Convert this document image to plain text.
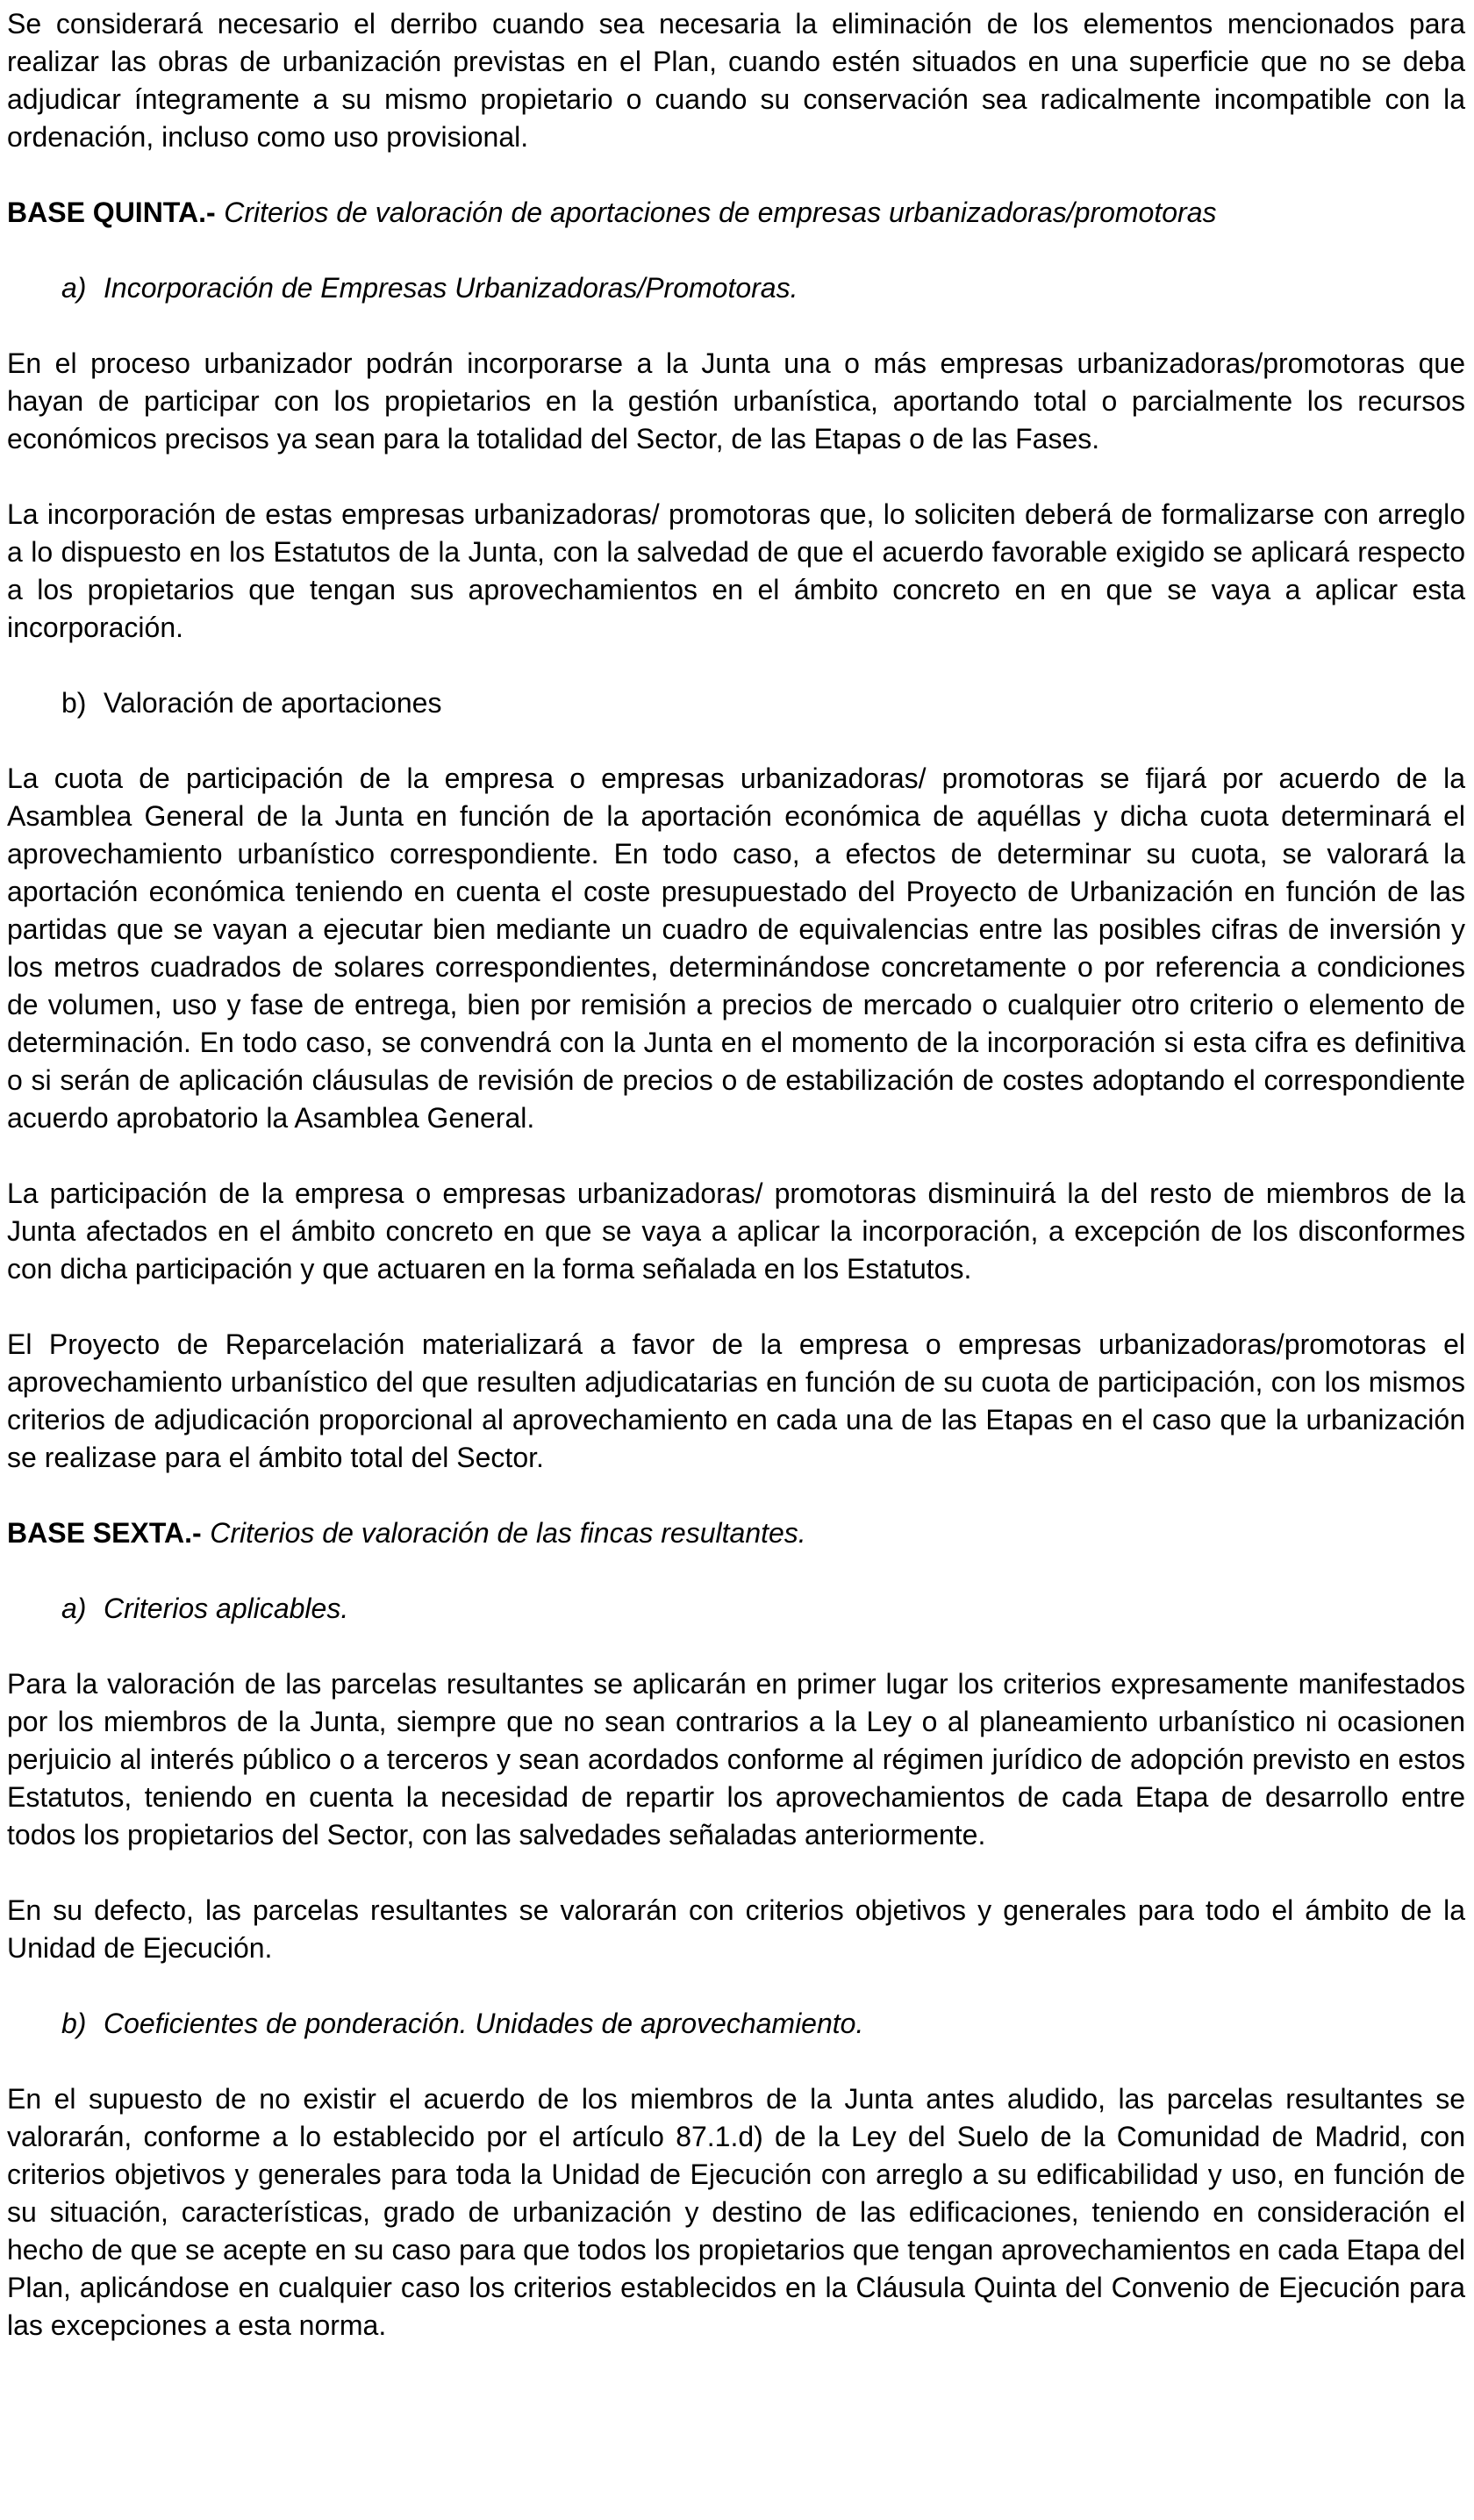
Se considerará necesario el derribo cuando sea necesaria la eliminación de los elementos mencionados para realizar las obras de urbanización previstas en el Plan, cuando estén situados en una superficie que no se deba adjudicar íntegramente a su mismo propietario o cuando su conservación sea radicalmente incompatible con la ordenación, incluso como uso provisional.

BASE QUINTA.- Criterios de valoración de aportaciones de empresas urbanizadoras/promotoras

a) Incorporación de Empresas Urbanizadoras/Promotoras.

En el proceso urbanizador podrán incorporarse a la Junta una o más empresas urbanizadoras/promotoras que hayan de participar con los propietarios en la gestión urbanística, aportando total o parcialmente los recursos económicos precisos ya sean para la totalidad del Sector, de las Etapas o de las Fases.

La incorporación de estas empresas urbanizadoras/ promotoras que, lo soliciten deberá de formalizarse con arreglo a lo dispuesto en los Estatutos de la Junta, con la salvedad de que el acuerdo favorable exigido se aplicará respecto a los propietarios que tengan sus aprovechamientos en el ámbito concreto en en que se vaya a aplicar esta incorporación.

b) Valoración de aportaciones

La cuota de participación de la empresa o empresas urbanizadoras/ promotoras se fijará por acuerdo de la Asamblea General de la Junta en función de la aportación económica de aquéllas y dicha cuota determinará el aprovechamiento urbanístico correspondiente. En todo caso, a efectos de determinar su cuota, se valorará la aportación económica teniendo en cuenta el coste presupuestado del Proyecto de Urbanización en función de las partidas que se vayan a ejecutar bien mediante un cuadro de equivalencias entre las posibles cifras de inversión y los metros cuadrados de solares correspondientes, determinándose concretamente o por referencia a condiciones de volumen, uso y fase de entrega, bien por remisión a precios de mercado o cualquier otro criterio o elemento de determinación. En todo caso, se convendrá con la Junta en el momento de la incorporación si esta cifra es definitiva o si serán de aplicación cláusulas de revisión de precios o de estabilización de costes adoptando el correspondiente acuerdo aprobatorio la Asamblea General.

La participación de la empresa o empresas urbanizadoras/ promotoras disminuirá la del resto de miembros de la Junta afectados en el ámbito concreto en que se vaya a aplicar la incorporación, a excepción de los disconformes con dicha participación y que actuaren en la forma señalada en los Estatutos.

El Proyecto de Reparcelación materializará a favor de la empresa o empresas urbanizadoras/promotoras el aprovechamiento urbanístico del que resulten adjudicatarias en función de su cuota de participación, con los mismos criterios de adjudicación proporcional al aprovechamiento en cada una de las Etapas en el caso que la urbanización se realizase para el ámbito total del Sector.

BASE SEXTA.- Criterios de valoración de las fincas resultantes.

a) Criterios aplicables.

Para la valoración de las parcelas resultantes se aplicarán en primer lugar los criterios expresamente manifestados por los miembros de la Junta, siempre que no sean contrarios a la Ley o al planeamiento urbanístico ni ocasionen perjuicio al interés público o a terceros y sean acordados conforme al régimen jurídico de adopción previsto en estos Estatutos, teniendo en cuenta la necesidad de repartir los aprovechamientos de cada Etapa de desarrollo entre todos los propietarios del Sector, con las salvedades señaladas anteriormente.

En su defecto, las parcelas resultantes se valorarán con criterios objetivos y generales para todo el ámbito de la Unidad de Ejecución.

b) Coeficientes de ponderación. Unidades de aprovechamiento.

En el supuesto de no existir el acuerdo de los miembros de la Junta antes aludido, las parcelas resultantes se valorarán, conforme a lo establecido por el artículo 87.1.d) de la Ley del Suelo de la Comunidad de Madrid, con criterios objetivos y generales para toda la Unidad de Ejecución con arreglo a su edificabilidad y uso, en función de su situación, características, grado de urbanización y destino de las edificaciones, teniendo en consideración el hecho de que se acepte en su caso para que todos los propietarios que tengan aprovechamientos en cada Etapa del Plan, aplicándose en cualquier caso los criterios establecidos en la Cláusula Quinta del Convenio de Ejecución para las excepciones a esta norma.
